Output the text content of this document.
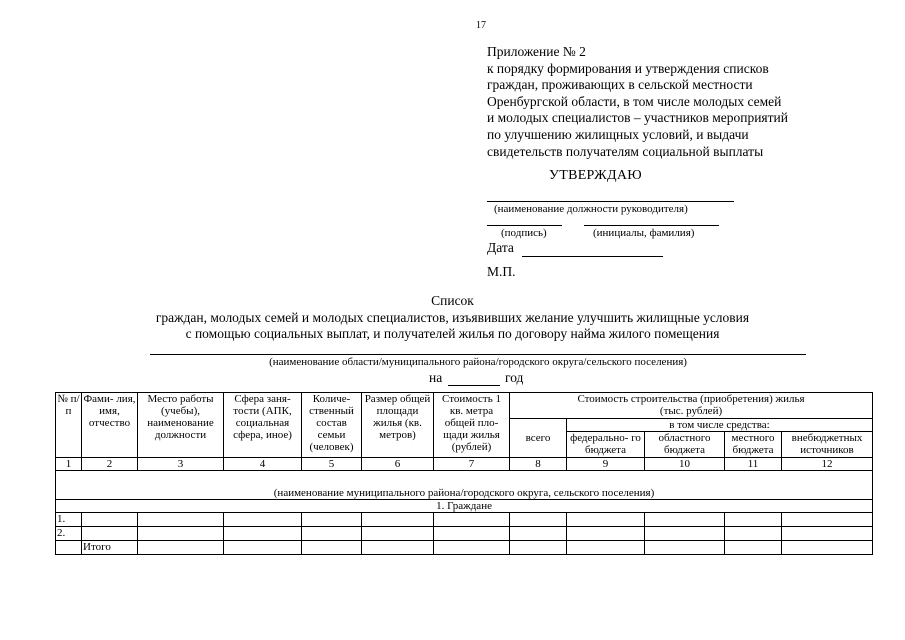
17
Приложение № 2
к порядку формирования и утверждения списков
граждан, проживающих в сельской местности
Оренбургской области, в том числе молодых семей
и молодых специалистов – участников мероприятий
по улучшению жилищных условий, и выдачи
свидетельств получателям социальной выплаты
УТВЕРЖДАЮ
(наименование должности руководителя)
(подпись)	(инициалы, фамилия)
Дата
М.П.
Список
граждан, молодых семей и молодых специалистов, изъявивших желание улучшить жилищные условия
с помощью социальных выплат, и получателей жилья по договору найма жилого помещения
(наименование области/муниципального района/городского округа/сельского поселения)
на	год
№ п/п	Фами- лия, имя, отчество	Место работы (учебы), наименование должности	Сфера заня- тости (АПК, социальная сфера, иное)	Количе- ственный состав семьи (человек)	Размер общей площади жилья (кв. метров)	Стоимость 1 кв. метра общей пло- щади жилья (рублей)	Стоимость строительства (приобретения) жилья
(тыс. рублей)				

							всего	в том числе средства:			
								федерально- го бюджета	областного бюджета	местного бюджета	внебюджетных источников
1	2	3	4	5	6	7	8	9	10	11	12
(наименование муниципального района/городского округа, сельского поселения)											
1. Граждане											
1.											
2.											
	Итого										
